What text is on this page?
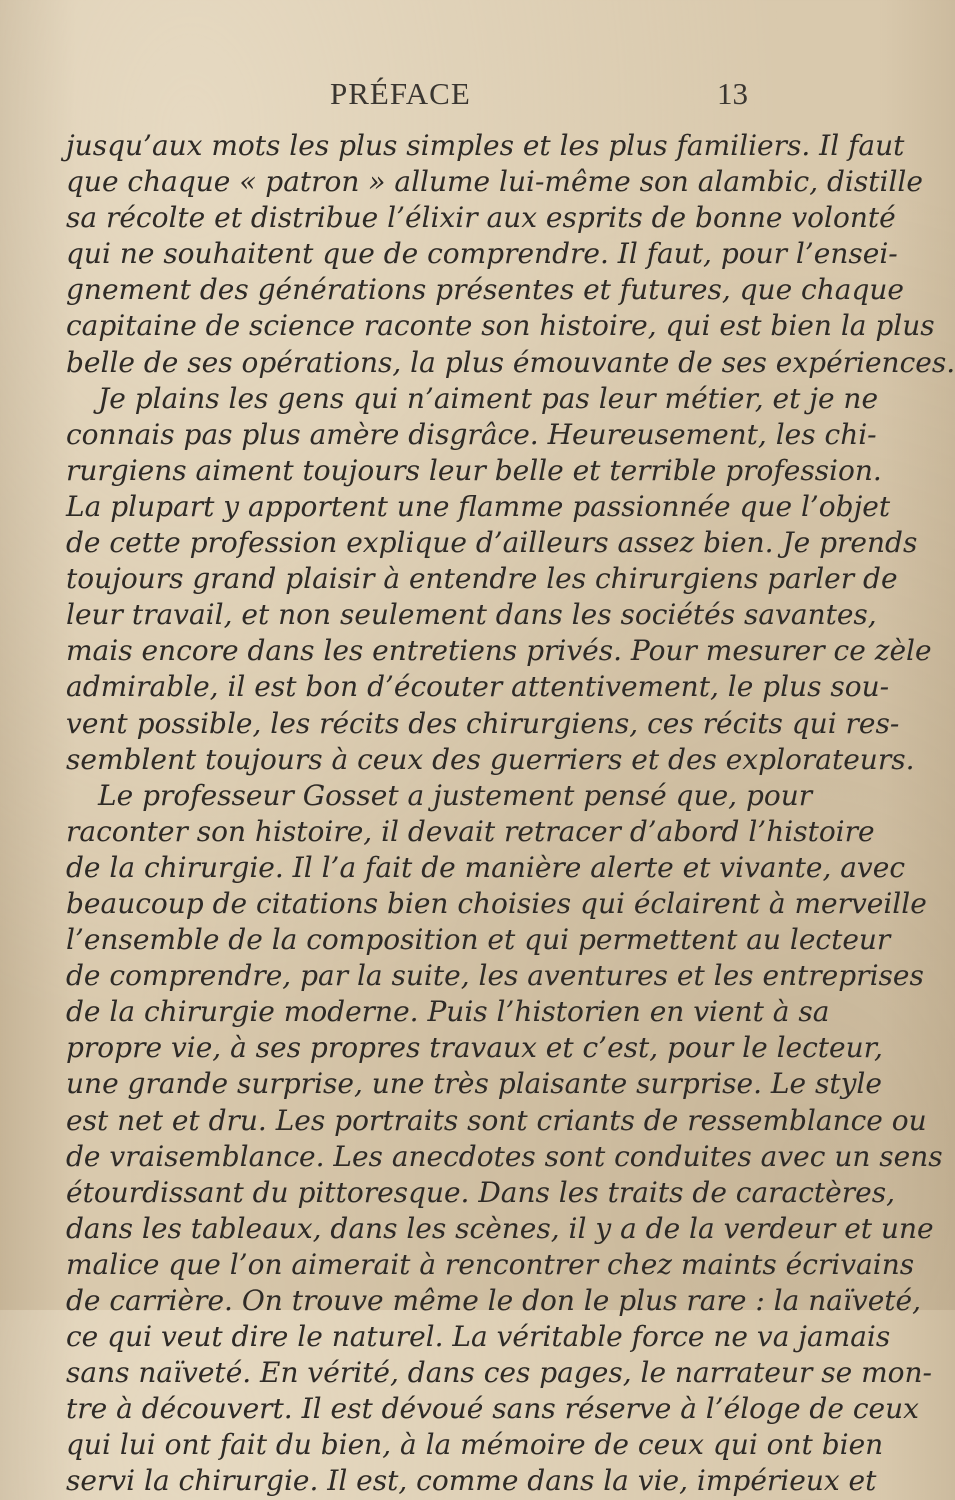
PRÉFACE	13
jusqu’aux mots les plus simples et les plus familiers. Il faut
que chaque « patron » allume lui-même son alambic, distille
sa récolte et distribue l’élixir aux esprits de bonne volonté
qui ne souhaitent que de comprendre. Il faut, pour l’ensei-
gnement des générations présentes et futures, que chaque
capitaine de science raconte son histoire, qui est bien la plus
belle de ses opérations, la plus émouvante de ses expériences.
Je plains les gens qui n’aiment pas leur métier, et je ne
connais pas plus amère disgrâce. Heureusement, les chi-
rurgiens aiment toujours leur belle et terrible profession.
La plupart y apportent une flamme passionnée que l’objet
de cette profession explique d’ailleurs assez bien. Je prends
toujours grand plaisir à entendre les chirurgiens parler de
leur travail, et non seulement dans les sociétés savantes,
mais encore dans les entretiens privés. Pour mesurer ce zèle
admirable, il est bon d’écouter attentivement, le plus sou-
vent possible, les récits des chirurgiens, ces récits qui res-
semblent toujours à ceux des guerriers et des explorateurs.
Le professeur Gosset a justement pensé que, pour
raconter son histoire, il devait retracer d’abord l’histoire
de la chirurgie. Il l’a fait de manière alerte et vivante, avec
beaucoup de citations bien choisies qui éclairent à merveille
l’ensemble de la composition et qui permettent au lecteur
de comprendre, par la suite, les aventures et les entreprises
de la chirurgie moderne. Puis l’historien en vient à sa
propre vie, à ses propres travaux et c’est, pour le lecteur,
une grande surprise, une très plaisante surprise. Le style
est net et dru. Les portraits sont criants de ressemblance ou
de vraisemblance. Les anecdotes sont conduites avec un sens
étourdissant du pittoresque. Dans les traits de caractères,
dans les tableaux, dans les scènes, il y a de la verdeur et une
malice que l’on aimerait à rencontrer chez maints écrivains
de carrière. On trouve même le don le plus rare : la naïveté,
ce qui veut dire le naturel. La véritable force ne va jamais
sans naïveté. En vérité, dans ces pages, le narrateur se mon-
tre à découvert. Il est dévoué sans réserve à l’éloge de ceux
qui lui ont fait du bien, à la mémoire de ceux qui ont bien
servi la chirurgie. Il est, comme dans la vie, impérieux et
